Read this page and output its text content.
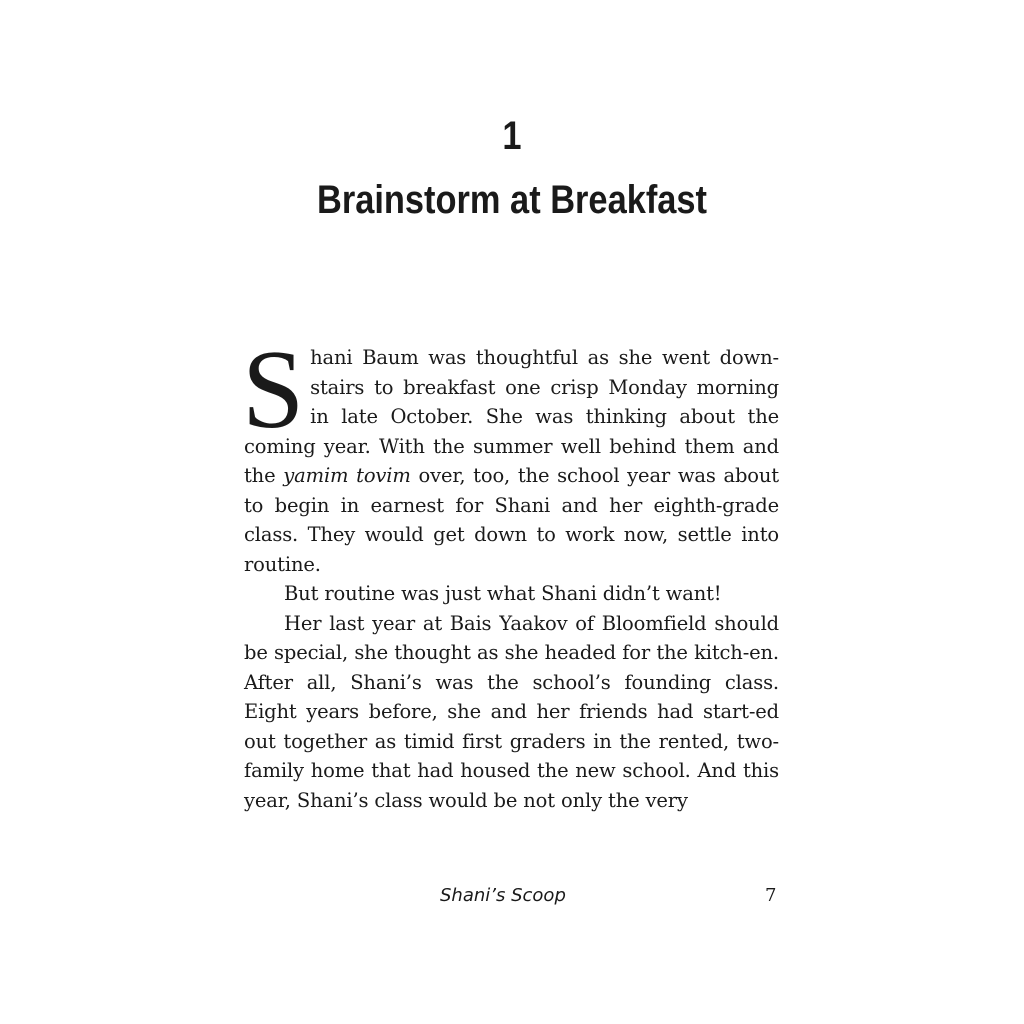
1
Brainstorm at Breakfast

Shani Baum was thoughtful as she went down-stairs to breakfast one crisp Monday morning in late October. She was thinking about the coming year. With the summer well behind them and the yamim tovim over, too, the school year was about to begin in earnest for Shani and her eighth-grade class. They would get down to work now, settle into routine.

But routine was just what Shani didn’t want!

Her last year at Bais Yaakov of Bloomfield should be special, she thought as she headed for the kitch-en. After all, Shani’s was the school’s founding class. Eight years before, she and her friends had start-ed out together as timid first graders in the rented, two-family home that had housed the new school. And this year, Shani’s class would be not only the very

Shani’s Scoop	7
